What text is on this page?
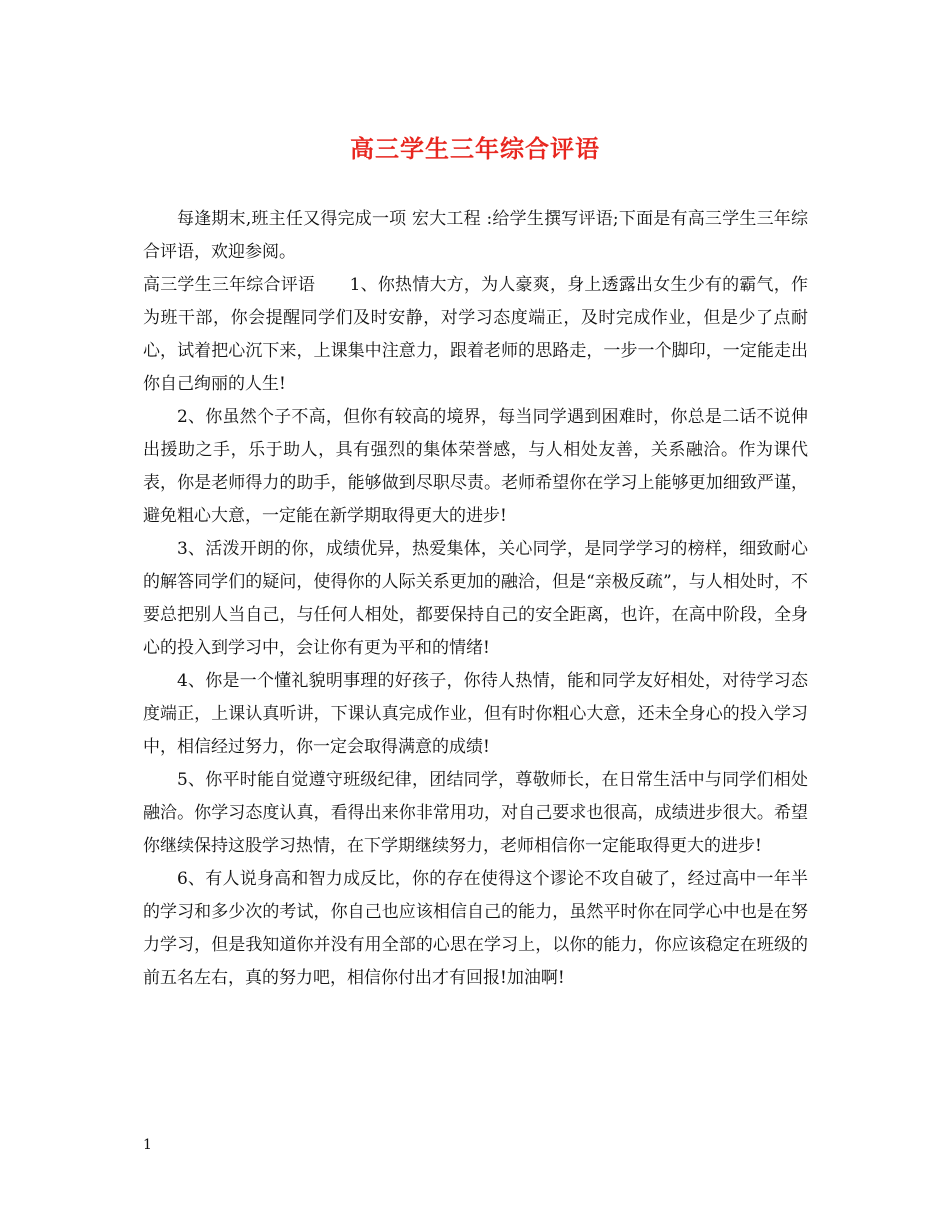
高三学生三年综合评语

每逢期末,班主任又得完成一项 宏大工程 :给学生撰写评语;下面是有高三学生三年综合评语，欢迎参阅。

高三学生三年综合评语　　1、你热情大方，为人豪爽，身上透露出女生少有的霸气，作为班干部，你会提醒同学们及时安静，对学习态度端正，及时完成作业，但是少了点耐心，试着把心沉下来，上课集中注意力，跟着老师的思路走，一步一个脚印，一定能走出你自己绚丽的人生!

2、你虽然个子不高，但你有较高的境界，每当同学遇到困难时，你总是二话不说伸出援助之手，乐于助人，具有强烈的集体荣誉感，与人相处友善，关系融洽。作为课代表，你是老师得力的助手，能够做到尽职尽责。老师希望你在学习上能够更加细致严谨，避免粗心大意，一定能在新学期取得更大的进步!

3、活泼开朗的你，成绩优异，热爱集体，关心同学，是同学学习的榜样，细致耐心的解答同学们的疑问，使得你的人际关系更加的融洽，但是“亲极反疏”，与人相处时，不要总把别人当自己，与任何人相处，都要保持自己的安全距离，也许，在高中阶段，全身心的投入到学习中，会让你有更为平和的情绪!

4、你是一个懂礼貌明事理的好孩子，你待人热情，能和同学友好相处，对待学习态度端正，上课认真听讲，下课认真完成作业，但有时你粗心大意，还未全身心的投入学习中，相信经过努力，你一定会取得满意的成绩!

5、你平时能自觉遵守班级纪律，团结同学，尊敬师长，在日常生活中与同学们相处融洽。你学习态度认真，看得出来你非常用功，对自己要求也很高，成绩进步很大。希望你继续保持这股学习热情，在下学期继续努力，老师相信你一定能取得更大的进步!

6、有人说身高和智力成反比，你的存在使得这个谬论不攻自破了，经过高中一年半的学习和多少次的考试，你自己也应该相信自己的能力，虽然平时你在同学心中也是在努力学习，但是我知道你并没有用全部的心思在学习上，以你的能力，你应该稳定在班级的前五名左右，真的努力吧，相信你付出才有回报!加油啊!

1
